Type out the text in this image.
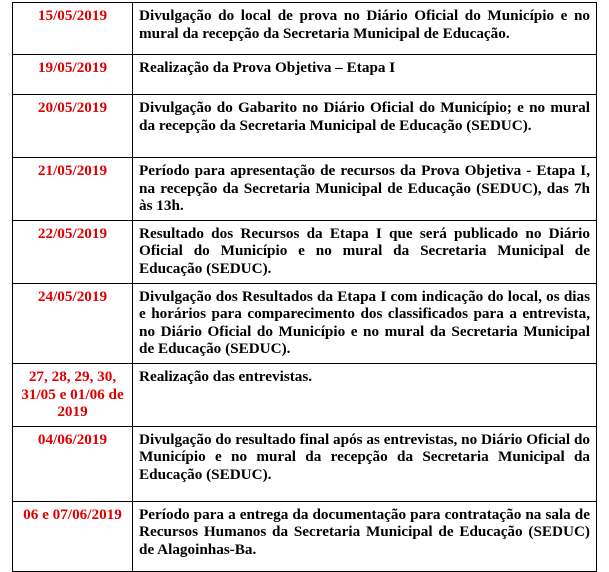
15/05/2019	Divulgação do local de prova no Diário Oficial do Município e no mural da recepção da Secretaria Municipal de Educação.
19/05/2019	Realização da Prova Objetiva – Etapa I
20/05/2019	Divulgação do Gabarito no Diário Oficial do Município; e no mural da recepção da Secretaria Municipal de Educação (SEDUC).
21/05/2019	Período para apresentação de recursos da Prova Objetiva - Etapa I, na recepção da Secretaria Municipal de Educação (SEDUC), das 7h às 13h.
22/05/2019	Resultado dos Recursos da Etapa I que será publicado no Diário Oficial do Município e no mural da Secretaria Municipal de Educação (SEDUC).
24/05/2019	Divulgação dos Resultados da Etapa I com indicação do local, os dias e horários para comparecimento dos classificados para a entrevista, no Diário Oficial do Município e no mural da Secretaria Municipal de Educação (SEDUC).
27, 28, 29, 30, 31/05 e 01/06 de 2019	Realização das entrevistas.
04/06/2019	Divulgação do resultado final após as entrevistas, no Diário Oficial do Município e no mural da recepção da Secretaria Municipal da Educação (SEDUC).
06 e 07/06/2019	Período para a entrega da documentação para contratação na sala de Recursos Humanos da Secretaria Municipal de Educação (SEDUC) de Alagoinhas-Ba.
